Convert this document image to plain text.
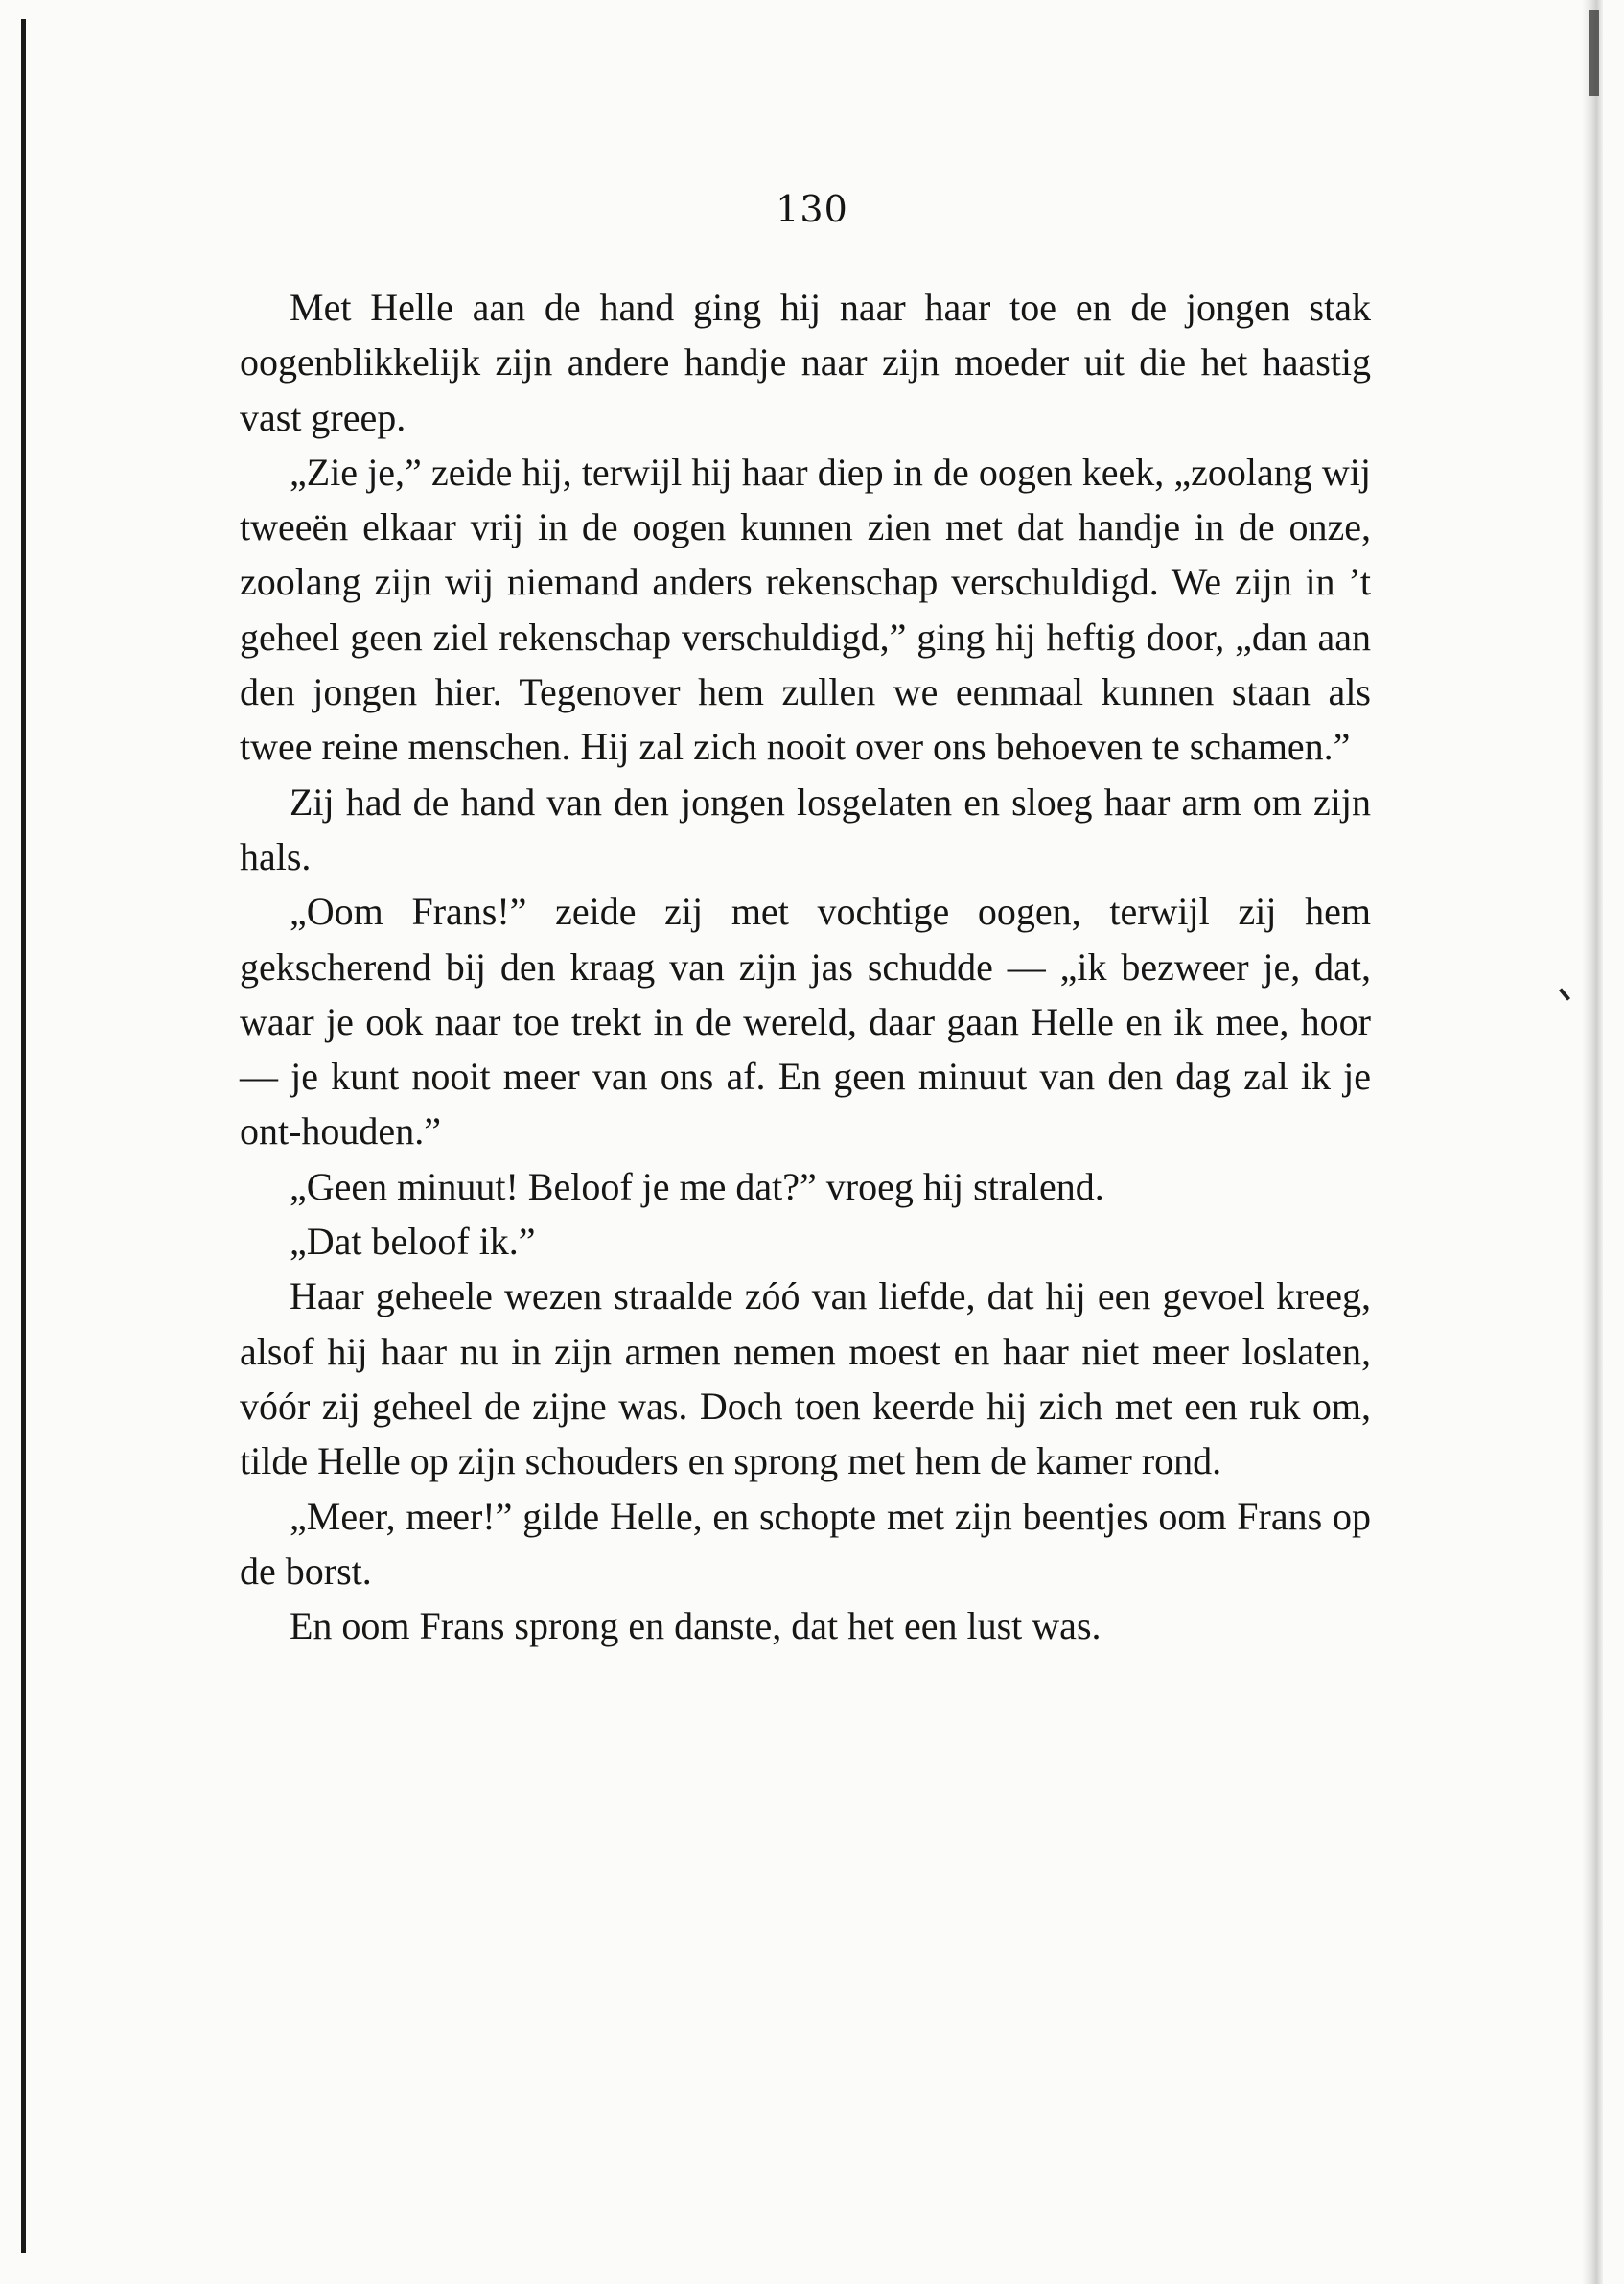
130

Met Helle aan de hand ging hij naar haar toe en de jongen stak oogenblikkelijk zijn andere handje naar zijn moeder uit die het haastig vast greep.

„Zie je,” zeide hij, terwijl hij haar diep in de oogen keek, „zoolang wij tweeën elkaar vrij in de oogen kunnen zien met dat handje in de onze, zoolang zijn wij niemand anders rekenschap verschuldigd. We zijn in ’t geheel geen ziel rekenschap verschuldigd,” ging hij heftig door, „dan aan den jongen hier. Tegenover hem zullen we eenmaal kunnen staan als twee reine menschen. Hij zal zich nooit over ons behoeven te schamen.”

Zij had de hand van den jongen losgelaten en sloeg haar arm om zijn hals.

„Oom Frans!” zeide zij met vochtige oogen, terwijl zij hem gekscherend bij den kraag van zijn jas schudde — „ik bezweer je, dat, waar je ook naar toe trekt in de wereld, daar gaan Helle en ik mee, hoor — je kunt nooit meer van ons af. En geen minuut van den dag zal ik je ont-houden.”

„Geen minuut! Beloof je me dat?” vroeg hij stralend.

„Dat beloof ik.”

Haar geheele wezen straalde zóó van liefde, dat hij een gevoel kreeg, alsof hij haar nu in zijn armen nemen moest en haar niet meer loslaten, vóór zij geheel de zijne was. Doch toen keerde hij zich met een ruk om, tilde Helle op zijn schouders en sprong met hem de kamer rond.

„Meer, meer!” gilde Helle, en schopte met zijn beentjes oom Frans op de borst.

En oom Frans sprong en danste, dat het een lust was.
